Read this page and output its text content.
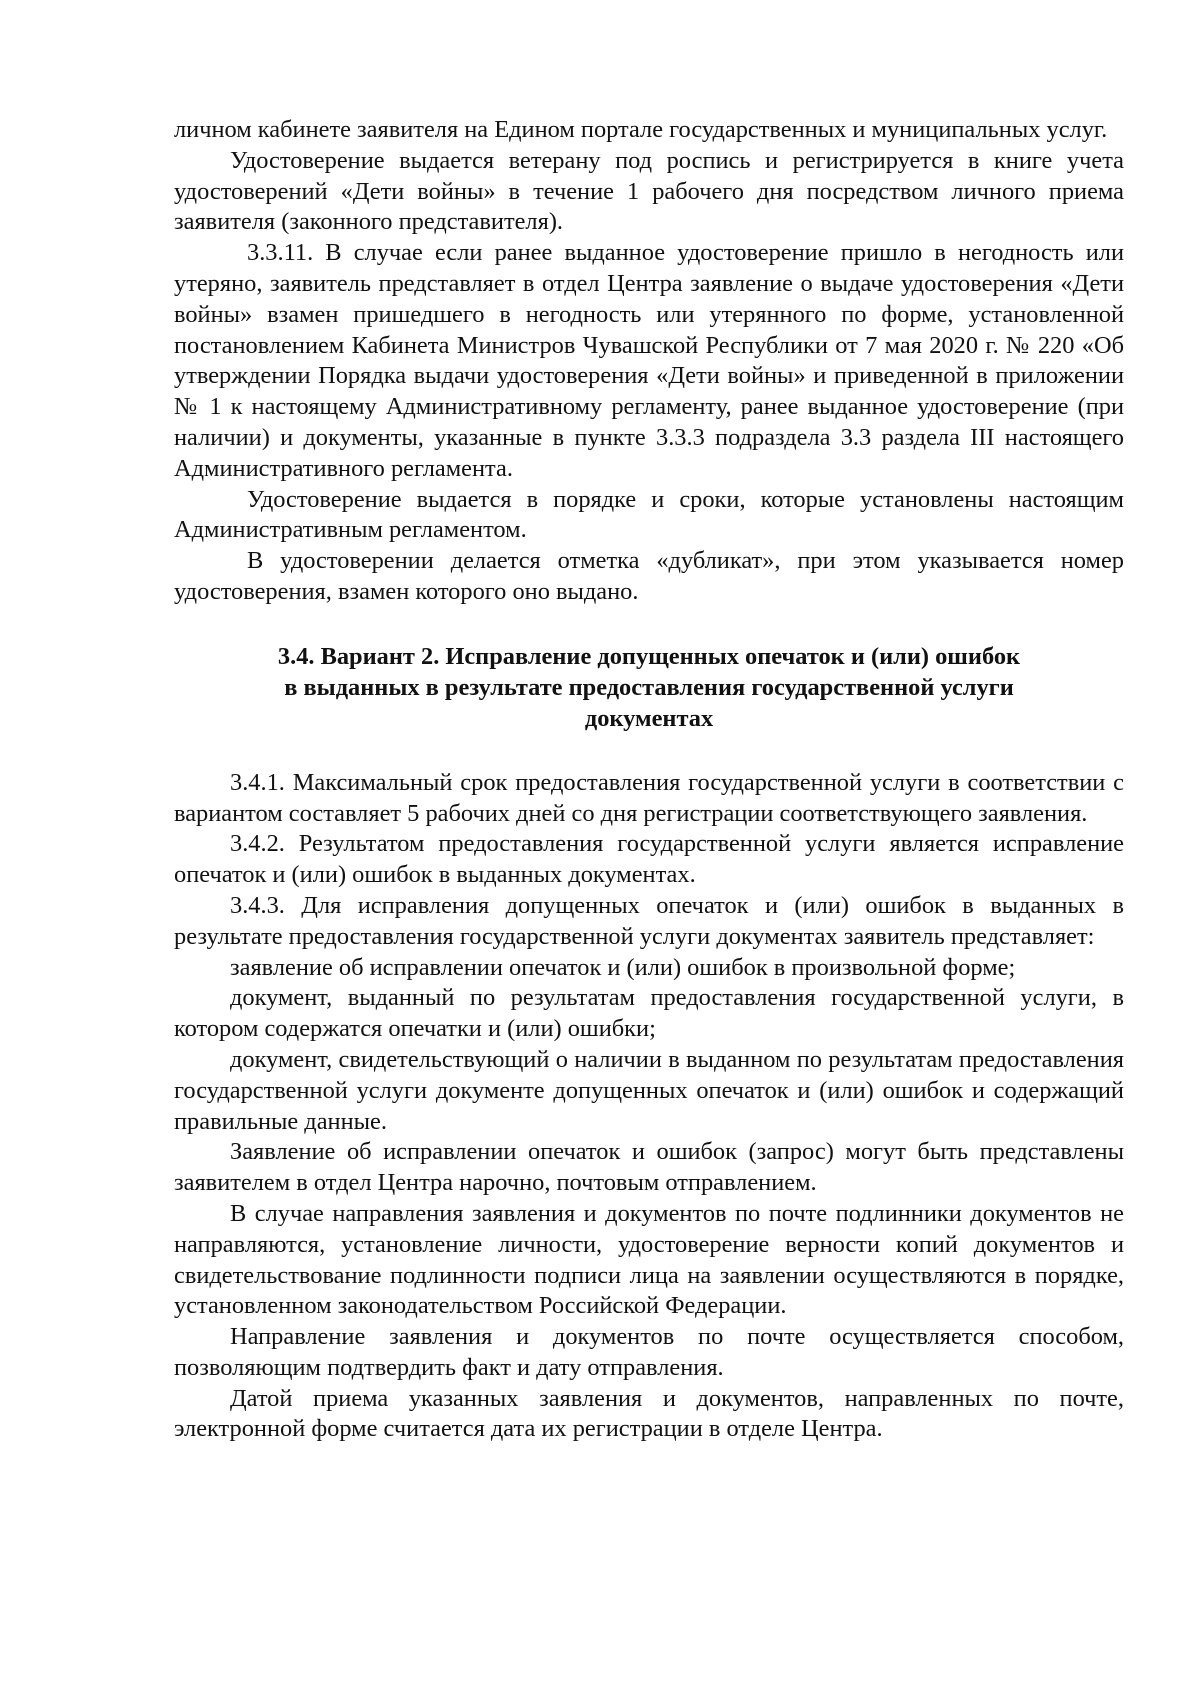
личном кабинете заявителя на Едином портале государственных и муниципальных услуг.

Удостоверение выдается ветерану под роспись и регистрируется в книге учета удостоверений «Дети войны» в течение 1 рабочего дня посредством личного приема заявителя (законного представителя).

3.3.11. В случае если ранее выданное удостоверение пришло в негодность или утеряно, заявитель представляет в отдел Центра заявление о выдаче удостоверения «Дети войны» взамен пришедшего в негодность или утерянного по форме, установленной постановлением Кабинета Министров Чувашской Республики от 7 мая 2020 г. № 220 «Об утверждении Порядка выдачи удостоверения «Дети войны» и приведенной в приложении № 1 к настоящему Административному регламенту, ранее выданное удостоверение (при наличии) и документы, указанные в пункте 3.3.3 подраздела 3.3 раздела III настоящего Административного регламента.

Удостоверение выдается в порядке и сроки, которые установлены настоящим Административным регламентом.

В удостоверении делается отметка «дубликат», при этом указывается номер удостоверения, взамен которого оно выдано.

3.4. Вариант 2. Исправление допущенных опечаток и (или) ошибок
в выданных в результате предоставления государственной услуги
документах

3.4.1. Максимальный срок предоставления государственной услуги в соответствии с вариантом составляет 5 рабочих дней со дня регистрации соответствующего заявления.

3.4.2. Результатом предоставления государственной услуги является исправление опечаток и (или) ошибок в выданных документах.

3.4.3. Для исправления допущенных опечаток и (или) ошибок в выданных в результате предоставления государственной услуги документах заявитель представляет:

заявление об исправлении опечаток и (или) ошибок в произвольной форме;

документ, выданный по результатам предоставления государственной услуги, в котором содержатся опечатки и (или) ошибки;

документ, свидетельствующий о наличии в выданном по результатам предоставления государственной услуги документе допущенных опечаток и (или) ошибок и содержащий правильные данные.

Заявление об исправлении опечаток и ошибок (запрос) могут быть представлены заявителем в отдел Центра нарочно, почтовым отправлением.

В случае направления заявления и документов по почте подлинники документов не направляются, установление личности, удостоверение верности копий документов и свидетельствование подлинности подписи лица на заявлении осуществляются в порядке, установленном законодательством Российской Федерации.

Направление заявления и документов по почте осуществляется способом, позволяющим подтвердить факт и дату отправления.

Датой приема указанных заявления и документов, направленных по почте, электронной форме считается дата их регистрации в отделе Центра.
